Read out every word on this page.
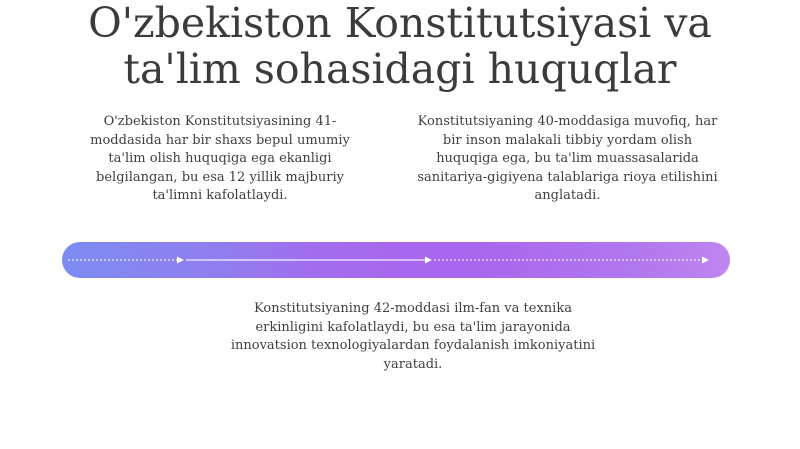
O'zbekiston Konstitutsiyasi va
ta'lim sohasidagi huquqlar
O'zbekiston Konstitutsiyasining 41-moddasida har bir shaxs bepul umumiy ta'lim olish huquqiga ega ekanligi belgilangan, bu esa 12 yillik majburiy ta'limni kafolatlaydi.
Konstitutsiyaning 40-moddasiga muvofiq, har bir inson malakali tibbiy yordam olish huquqiga ega, bu ta'lim muassasalarida sanitariya-gigiyena talablariga rioya etilishini anglatadi.
Konstitutsiyaning 42-moddasi ilm-fan va texnika erkinligini kafolatlaydi, bu esa ta'lim jarayonida innovatsion texnologiyalardan foydalanish imkoniyatini yaratadi.
